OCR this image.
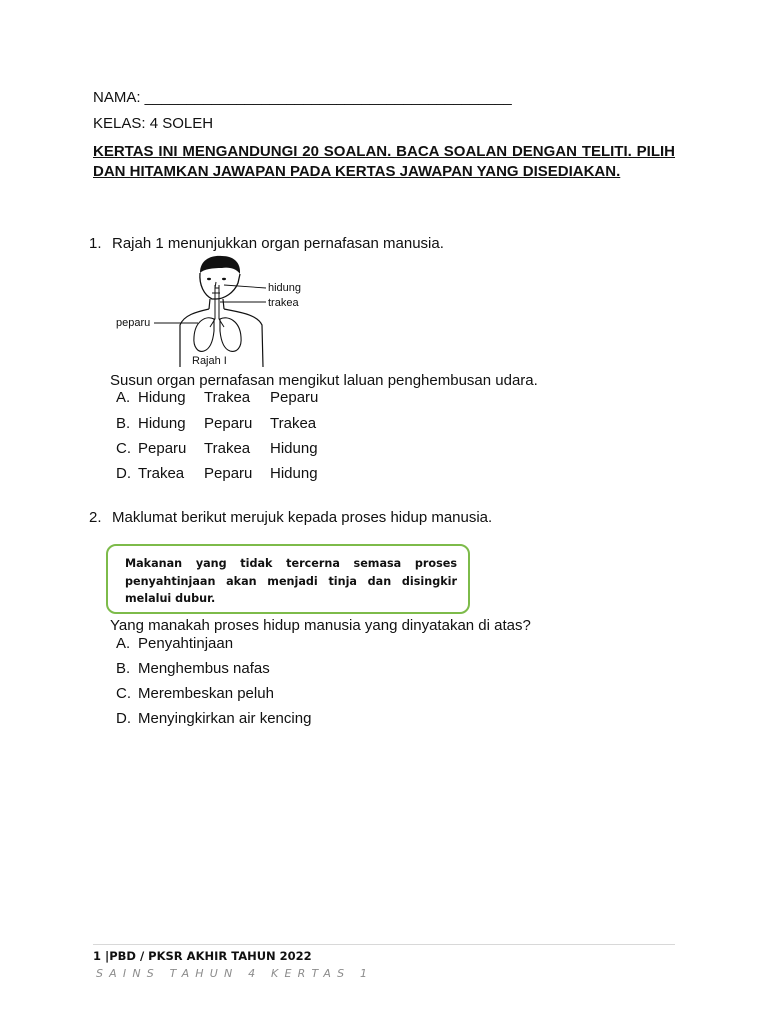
NAMA: ____________________________________________
KELAS: 4 SOLEH
KERTAS INI MENGANDUNGI 20 SOALAN. BACA SOALAN DENGAN TELITI. PILIH DAN HITAMKAN JAWAPAN PADA KERTAS JAWAPAN YANG DISEDIAKAN.
1. Rajah 1 menunjukkan organ pernafasan manusia.
hidung
trakea
peparu
Rajah I
Susun organ pernafasan mengikut laluan penghembusan udara.
A. Hidung Trakea Peparu
B. Hidung Peparu Trakea
C. Peparu Trakea Hidung
D. Trakea Peparu Hidung
2. Maklumat berikut merujuk kepada proses hidup manusia.
Makanan yang tidak tercerna semasa proses penyahtinjaan akan menjadi tinja dan disingkir melalui dubur.
Yang manakah proses hidup manusia yang dinyatakan di atas?
A. Penyahtinjaan
B. Menghembus nafas
C. Merembeskan peluh
D. Menyingkirkan air kencing
1 |PBD / PKSR AKHIR TAHUN 2022
SAINS TAHUN 4 KERTAS 1
